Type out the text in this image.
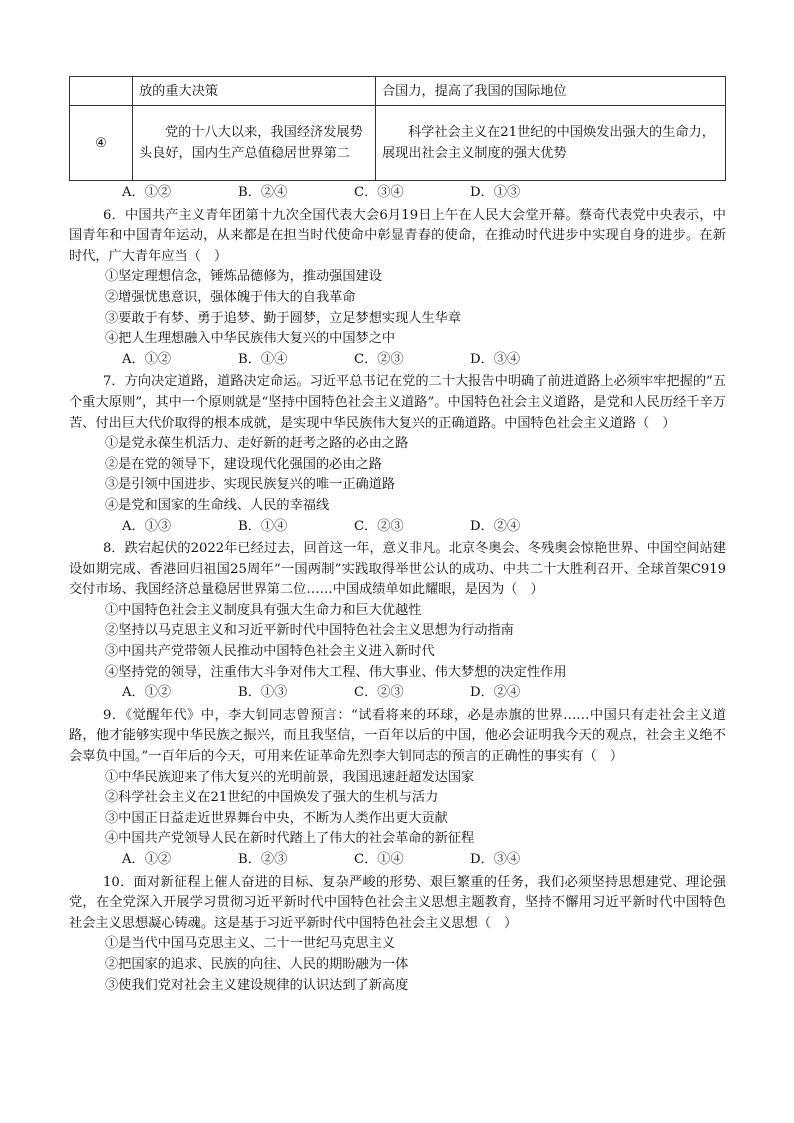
	放的重大决策	合国力，提高了我国的国际地位
④	党的十八大以来，我国经济发展势头良好，国内生产总值稳居世界第二	科学社会主义在21世纪的中国焕发出强大的生命力，展现出社会主义制度的强大优势
A．①②	B．②④	C．③④	D．①③
6．中国共产主义青年团第十九次全国代表大会6月19日上午在人民大会堂开幕。蔡奇代表党中央表示，中国青年和中国青年运动，从来都是在担当时代使命中彰显青春的使命，在推动时代进步中实现自身的进步。在新时代，广大青年应当（　）
①坚定理想信念，锤炼品德修为，推动强国建设
②增强忧患意识，强体魄于伟大的自我革命
③要敢于有梦、勇于追梦、勤于圆梦，立足梦想实现人生华章
④把人生理想融入中华民族伟大复兴的中国梦之中
A．①②	B．①④	C．②③	D．③④
7．方向决定道路，道路决定命运。习近平总书记在党的二十大报告中明确了前进道路上必须牢牢把握的“五个重大原则”，其中一个原则就是“坚持中国特色社会主义道路”。中国特色社会主义道路，是党和人民历经千辛万苦、付出巨大代价取得的根本成就，是实现中华民族伟大复兴的正确道路。中国特色社会主义道路（　）
①是党永葆生机活力、走好新的赶考之路的必由之路
②是在党的领导下，建设现代化强国的必由之路
③是引领中国进步、实现民族复兴的唯一正确道路
④是党和国家的生命线、人民的幸福线
A．①③	B．①④	C．②③	D．②④
8．跌宕起伏的2022年已经过去，回首这一年，意义非凡。北京冬奥会、冬残奥会惊艳世界、中国空间站建设如期完成、香港回归祖国25周年“一国两制”实践取得举世公认的成功、中共二十大胜利召开、全球首架C919交付市场、我国经济总量稳居世界第二位……中国成绩单如此耀眼，是因为（　）
①中国特色社会主义制度具有强大生命力和巨大优越性
②坚持以马克思主义和习近平新时代中国特色社会主义思想为行动指南
③中国共产党带领人民推动中国特色社会主义进入新时代
④坚持党的领导，注重伟大斗争对伟大工程、伟大事业、伟大梦想的决定性作用
A．①②	B．①③	C．②③	D．②④
9．《觉醒年代》中，李大钊同志曾预言：“试看将来的环球，必是赤旗的世界……中国只有走社会主义道路，他才能够实现中华民族之振兴，而且我坚信，一百年以后的中国，他必会证明我今天的观点，社会主义绝不会辜负中国。”一百年后的今天，可用来佐证革命先烈李大钊同志的预言的正确性的事实有（　）
①中华民族迎来了伟大复兴的光明前景，我国迅速赶超发达国家
②科学社会主义在21世纪的中国焕发了强大的生机与活力
③中国正日益走近世界舞台中央，不断为人类作出更大贡献
④中国共产党领导人民在新时代踏上了伟大的社会革命的新征程
A．①②	B．②③	C．①④	D．③④
10．面对新征程上催人奋进的目标、复杂严峻的形势、艰巨繁重的任务，我们必须坚持思想建党、理论强党，在全党深入开展学习贯彻习近平新时代中国特色社会主义思想主题教育，坚持不懈用习近平新时代中国特色社会主义思想凝心铸魂。这是基于习近平新时代中国特色社会主义思想（　）
①是当代中国马克思主义、二十一世纪马克思主义
②把国家的追求、民族的向往、人民的期盼融为一体
③使我们党对社会主义建设规律的认识达到了新高度
